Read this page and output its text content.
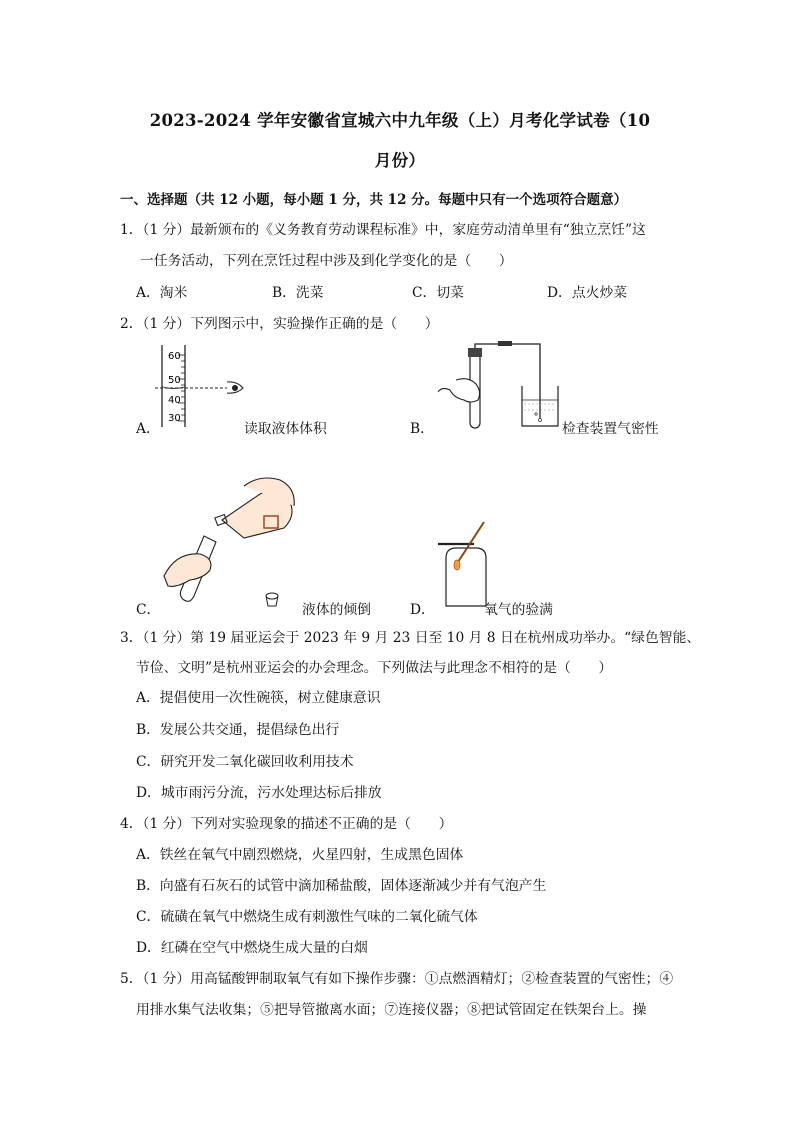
2023-2024 学年安徽省宣城六中九年级（上）月考化学试卷（10
月份）
一、选择题（共 12 小题，每小题 1 分，共 12 分。每题中只有一个选项符合题意）
1．（1 分）最新颁布的《义务教育劳动课程标准》中，家庭劳动清单里有“独立烹饪”这
一任务活动，下列在烹饪过程中涉及到化学变化的是（　　）
A．淘米	B．洗菜	C．切菜	D．点火炒菜
2．（1 分）下列图示中，实验操作正确的是（　　）
A．
60
50
40
30
读取液体体积	B．	检查装置气密性
C．	液体的倾倒	D．	氧气的验满
3．（1 分）第 19 届亚运会于 2023 年 9 月 23 日至 10 月 8 日在杭州成功举办。“绿色智能、
节俭、文明”是杭州亚运会的办会理念。下列做法与此理念不相符的是（　　）
A．提倡使用一次性碗筷，树立健康意识
B．发展公共交通，提倡绿色出行
C．研究开发二氧化碳回收利用技术
D．城市雨污分流，污水处理达标后排放
4．（1 分）下列对实验现象的描述不正确的是（　　）
A．铁丝在氧气中剧烈燃烧，火星四射，生成黑色固体
B．向盛有石灰石的试管中滴加稀盐酸，固体逐渐减少并有气泡产生
C．硫磺在氧气中燃烧生成有刺激性气味的二氧化硫气体
D．红磷在空气中燃烧生成大量的白烟
5．（1 分）用高锰酸钾制取氧气有如下操作步骤：①点燃酒精灯；②检查装置的气密性；④
用排水集气法收集；⑤把导管撤离水面；⑦连接仪器；⑧把试管固定在铁架台上。操
